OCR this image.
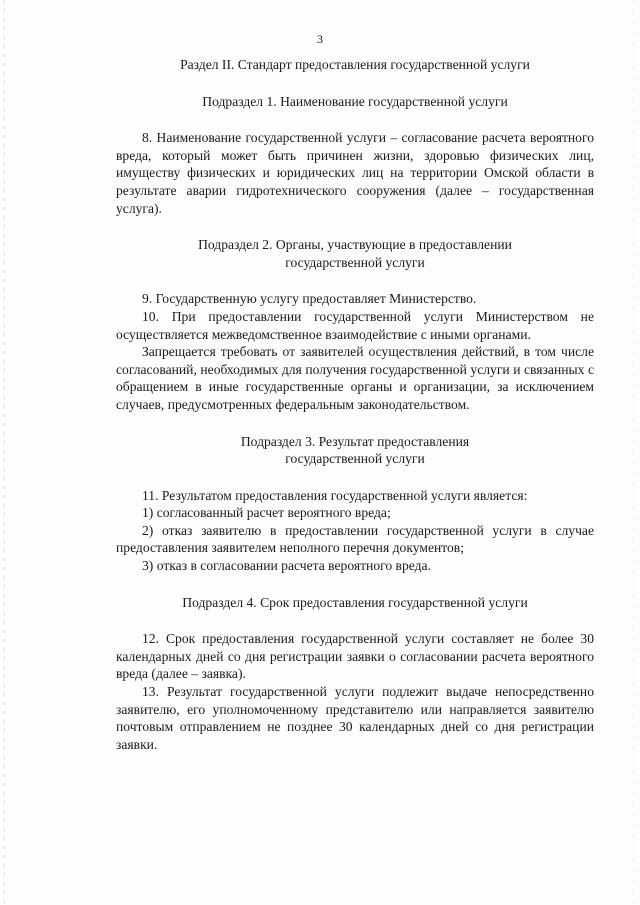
3

Раздел II. Стандарт предоставления государственной услуги

Подраздел 1. Наименование государственной услуги

8. Наименование государственной услуги – согласование расчета вероятного вреда, который может быть причинен жизни, здоровью физических лиц, имуществу физических и юридических лиц на территории Омской области в результате аварии гидротехнического сооружения (далее – государственная услуга).

Подраздел 2. Органы, участвующие в предоставлении

государственной услуги

9. Государственную услугу предоставляет Министерство.

10. При предоставлении государственной услуги Министерством не осуществляется межведомственное взаимодействие с иными органами.

Запрещается требовать от заявителей осуществления действий, в том числе согласований, необходимых для получения государственной услуги и связанных с обращением в иные государственные органы и организации, за исключением случаев, предусмотренных федеральным законодательством.

Подраздел 3. Результат предоставления

государственной услуги

11. Результатом предоставления государственной услуги является:

1) согласованный расчет вероятного вреда;

2) отказ заявителю в предоставлении государственной услуги в случае предоставления заявителем неполного перечня документов;

3) отказ в согласовании расчета вероятного вреда.

Подраздел 4. Срок предоставления государственной услуги

12. Срок предоставления государственной услуги составляет не более 30 календарных дней со дня регистрации заявки о согласовании расчета вероятного вреда (далее – заявка).

13. Результат государственной услуги подлежит выдаче непосредственно заявителю, его уполномоченному представителю или направляется заявителю почтовым отправлением не позднее 30 календарных дней со дня регистрации заявки.
